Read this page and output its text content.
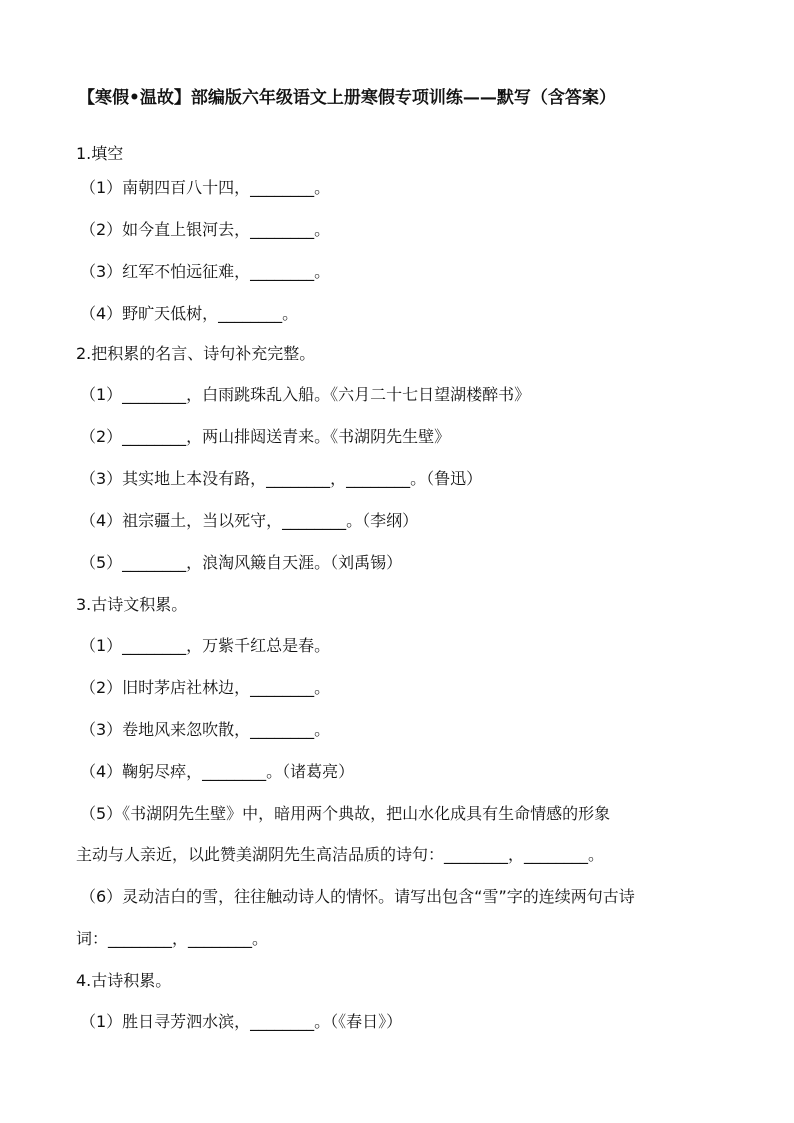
【寒假•温故】部编版六年级语文上册寒假专项训练——默写（含答案）
1.填空
（1）南朝四百八十四，________。
（2）如今直上银河去，________。
（3）红军不怕远征难，________。
（4）野旷天低树，________。
2.把积累的名言、诗句补充完整。
（1）________，白雨跳珠乱入船。《六月二十七日望湖楼醉书》
（2）________，两山排闼送青来。《书湖阴先生壁》
（3）其实地上本没有路，________，________。（鲁迅）
（4）祖宗疆土，当以死守，________。（李纲）
（5）________，浪淘风簸自天涯。（刘禹锡）
3.古诗文积累。
（1）________，万紫千红总是春。
（2）旧时茅店社林边，________。
（3）卷地风来忽吹散，________。
（4）鞠躬尽瘁，________。（诸葛亮）
（5）《书湖阴先生壁》中，暗用两个典故，把山水化成具有生命情感的形象
主动与人亲近，以此赞美湖阴先生高洁品质的诗句：________，________。
（6）灵动洁白的雪，往往触动诗人的情怀。请写出包含“雪”字的连续两句古诗
词：________，________。
4.古诗积累。
（1）胜日寻芳泗水滨，________。（《春日》）
